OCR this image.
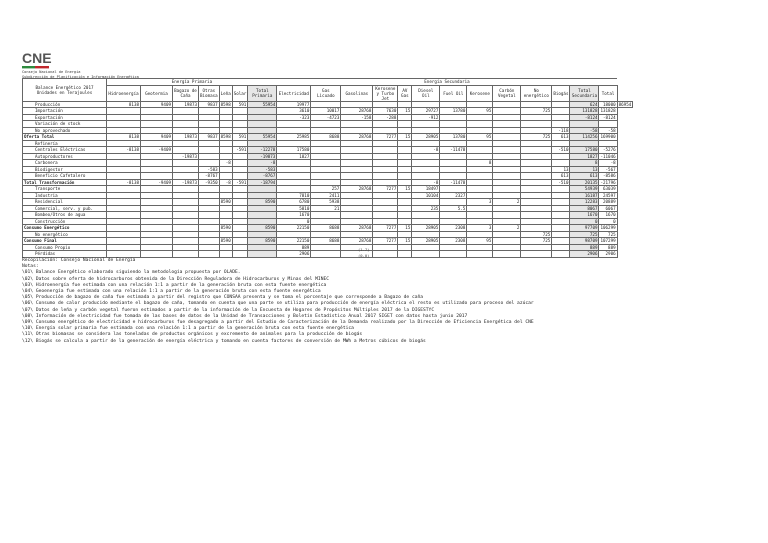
CNE
Consejo Nacional de Energía
Subdirección de Planificación e Información Energética
Balance Energético 2017
Unidades en Terajoules	Energía Primaria							Energía Secundaria													
	Hidroenergía	Geotermia	Bagazo de Caña	Otras Biomasa	Leña	Solar	Total Primaria	Electricidad	Gas Licuado	Gasolinas	Kerosene y Turbo Jet	AV Gas	Diesel Oil	Fuel Oil	Kerosene	Carbón Vegetal	No energético	Biogás	Total Secundaria	Total	
Producción	8138	9409	19873	9837	8598	591	55954	19977											624	18000	86954
Importación								3610	10017	28768	7630	15	29727	13780	95		725		131828	131828	
Exportación								-323	-4723	-158	-288		-912						-8124	-8124	
Variación de stock																					
No aprovechado																		-118	-58	-58	
Oferta Total	8138	9409	19873	9837	8598	591	55954	25985	8688	28768	7277	15	28905	13780	95		725	613	114256	169900	
Refinería																					
Centrales Eléctricas	-8138	-9409				-591	-12278	17580					-8	-11478				-510	17580	-5276	
Autoproductores			-19873				-19873	1827											1827	-11046	
Carbonera					-8		-8								8				8	-8	
Biodigestor				-583			-583											13	13	-567	
Beneficio Cafetalero				-8767			-8767											613	613	-8586	
Total Transformación	-8138	-9409	-19873	-9350	-8	-591	-18794						-8	-11478				-510	20135	-21796	
Transporte									257	28768	7277	15	18497						54939	63039	
Industria								7810	2411				10104	2327					16187	24597	
Residencial					8590		8590	6780	5938						3	2			12283	20889	
Comercial, serv. y pub.								5810	21				235	5.5					8067	6067	
Bombeo/Otros de agua								1670											1670	1670	
Construcción								0											0	0	
Consumo Energético					8590		8590	22150	8688	28768	7277	15	28905	2308	3	2			97709	106299	
No energético																	725		725	725	
Consumo Final					8590		8590	22150	8688	28768	7277	15	28905	2308	95		725		98709	107299	
Consumo Propio								889											889	889	
Pérdidas								2906											2906	2906	
(1.7)
(0.0)
Recopilación: Consejo Nacional de Energía
Notas:
\01\ Balance Energético elaborado siguiendo la metodología propuesta por OLADE.
\02\ Datos sobre oferta de hidrocarburos obtenida de la Dirección Reguladora de Hidrocarburos y Minas del MINEC
\03\ Hidroenergía fue estimada con una relación 1:1 a partir de la generación bruta con esta fuente energética
\04\ Geoenergía fue estimada con una relación 1:1 a partir de la generación bruta con esta fuente energética
\05\ Producción de bagazo de caña fue estimada a partir del registro que CONSAA presenta y se toma el porcentaje que corresponde a Bagazo de caña
\06\ Consumo de calor producido mediante el bagazo de caña, tomando en cuenta que una parte se utiliza para producción de energía eléctrica el resto es utilizado para proceso del azúcar
\07\ Datos de leña y carbón vegetal fueron estimados a partir de la información de la Encuesta de Hogares de Propósitos Múltiples 2017 de la DIGESTYC
\08\ Información de electricidad fue tomada de las bases de datos de la Unidad de Transacciones y Boletín Estadístico Anual 2017 SIGET con datos hasta junio 2017
\09\ Consumo energético de electricidad e hidrocarburos fue desagregado a partir del Estudio de Caracterización de la Demanda realizado por la Dirección de Eficiencia Energética del CNE
\10\ Energía solar primaria fue estimada con una relación 1:1 a partir de la generación bruta con esta fuente energética
\11\ Otras biomasas se considera las toneladas de productos orgánicos y excremento de animales para la producción de biogás
\12\ Biogás se calcula a partir de la generación de energía eléctrica y tomando en cuenta factores de conversión de MWh a Metros cúbicos de biogás
